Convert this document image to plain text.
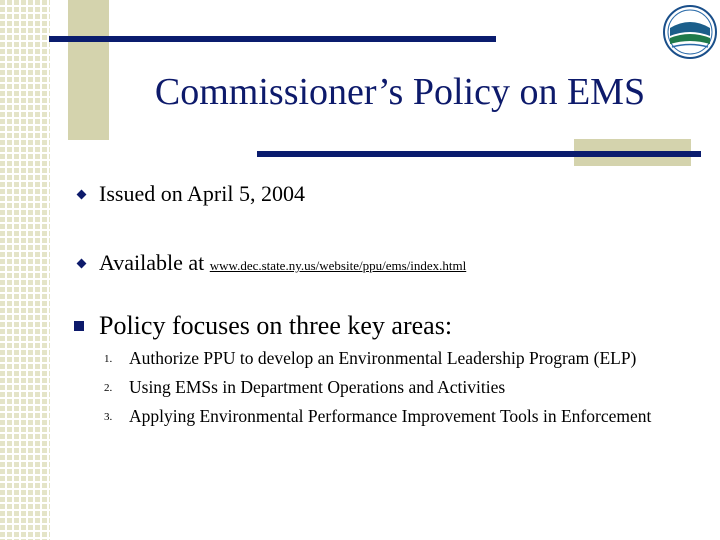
Commissioner’s Policy on EMS
Issued on April 5, 2004
Available at www.dec.state.ny.us/website/ppu/ems/index.html
Policy focuses on three key areas:
1. Authorize PPU to develop an Environmental Leadership Program (ELP)
2. Using EMSs in Department Operations and Activities
3. Applying Environmental Performance Improvement Tools in Enforcement
